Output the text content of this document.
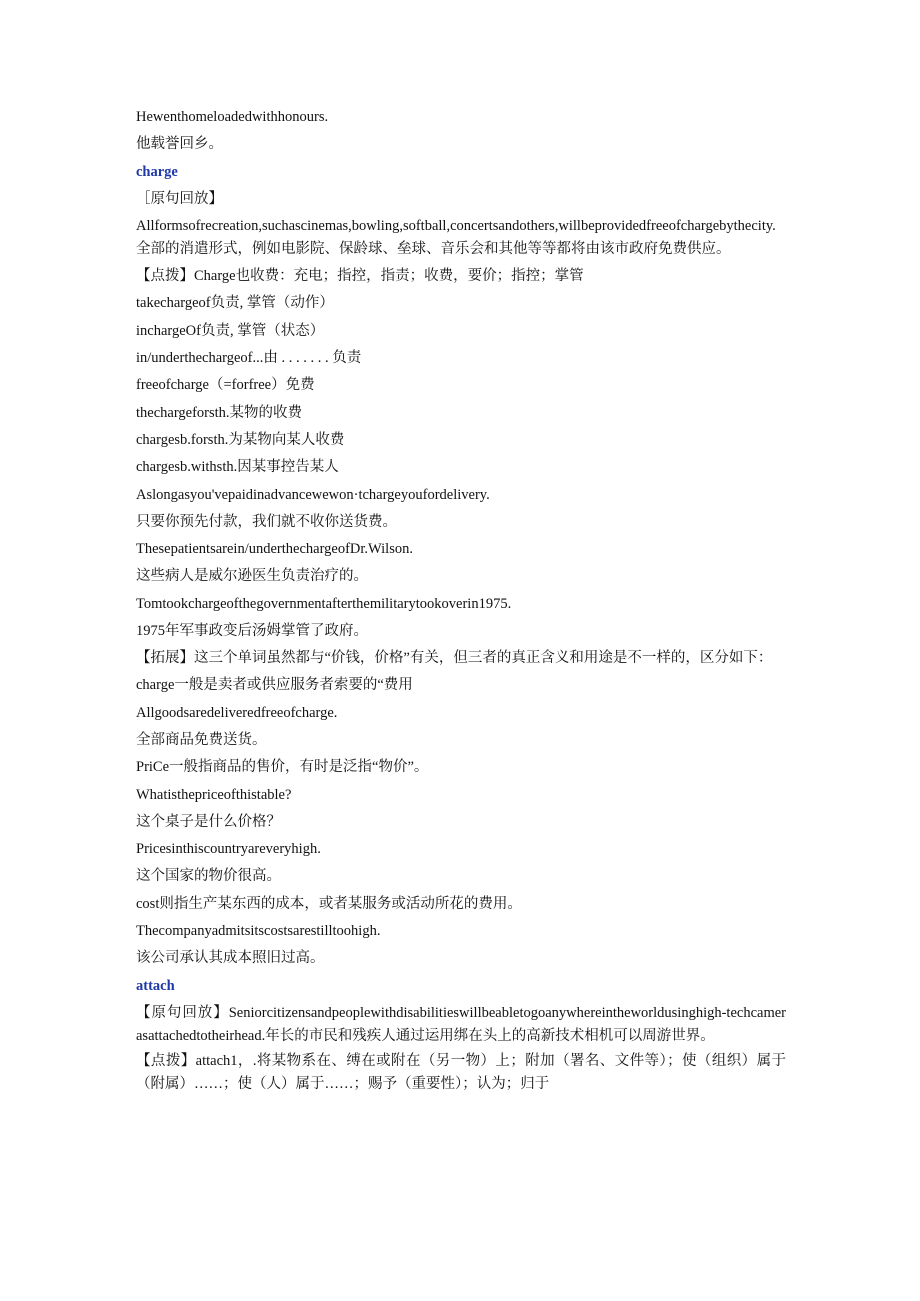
Hewenthomeloadedwithhonours.
他载誉回乡。
charge
［原句回放】
Allformsofrecreation,suchascinemas,bowling,softball,concertsandothers,willbeprovidedfreeofchargebythecity.全部的消遣形式，例如电影院、保龄球、垒球、音乐会和其他等等都将由该市政府免费供应。
【点拨】Charge也收费：充电；指控，指责；收费，要价；指控；掌管
takechargeof负责, 掌管（动作）
inchargeOf负责, 掌管（状态）
in/underthechargeof...由 . . . . . . . 负责
freeofcharge（=forfree）免费
thechargeforsth.某物的收费
chargesb.forsth.为某物向某人收费
chargesb.withsth.因某事控告某人
Aslongasyou'vepaidinadvancewewon·tchargeyoufordelivery.
只要你预先付款，我们就不收你送货费。
Thesepatientsarein/underthechargeofDr.Wilson.
这些病人是威尔逊医生负责治疗的。
Tomtookchargeofthegovernmentafterthemilitarytookoverin1975.
1975年军事政变后汤姆掌管了政府。
【拓展】这三个单词虽然都与“价钱，价格”有关，但三者的真正含义和用途是不一样的，区分如下：
charge一般是卖者或供应服务者索要的“费用
Allgoodsaredeliveredfreeofcharge.
全部商品免费送货。
PriCe一般指商品的售价，有时是泛指“物价”。
Whatisthepriceofthistable?
这个桌子是什么价格？
Pricesinthiscountryareveryhigh.
这个国家的物价很高。
cost则指生产某东西的成本，或者某服务或活动所花的费用。
Thecompanyadmitsitscostsarestilltoohigh.
该公司承认其成本照旧过高。
attach
【原句回放】Seniorcitizensandpeoplewithdisabilitieswillbeabletogoanywhereintheworldusinghigh-techcamerasattachedtotheirhead.年长的市民和残疾人通过运用绑在头上的高新技术相机可以周游世界。
【点拨】attach1，.将某物系在、缚在或附在（另一物）上；附加（署名、文件等）；使（组织）属于（附属）……；使（人）属于……；赐予（重要性）；认为；归于
